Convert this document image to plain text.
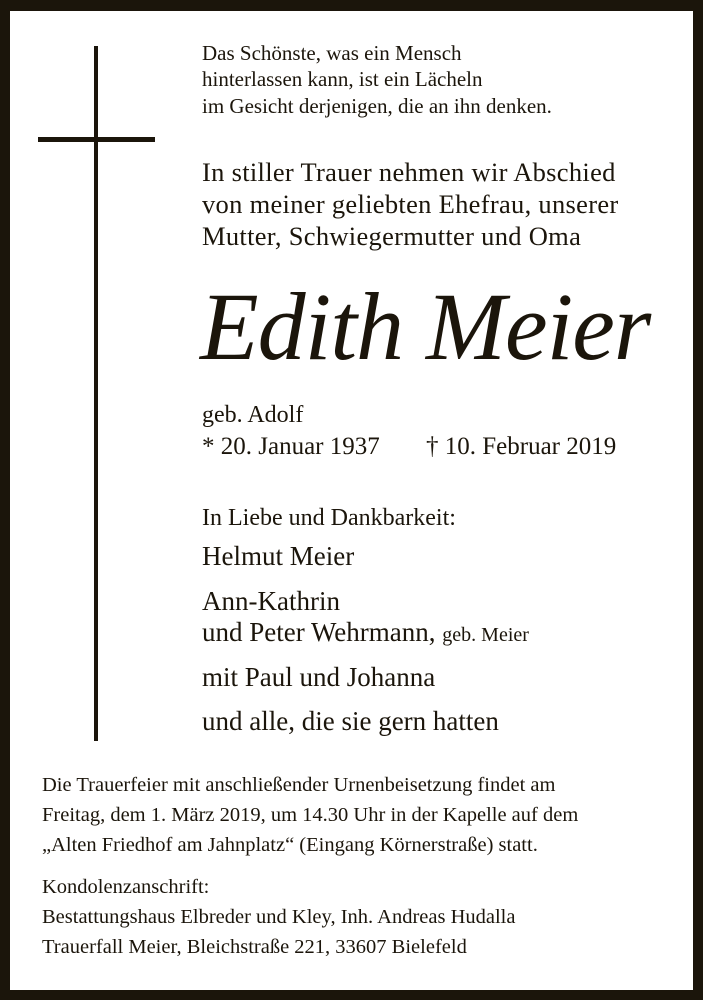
Das Schönste, was ein Mensch
hinterlassen kann, ist ein Lächeln
im Gesicht derjenigen, die an ihn denken.
In stiller Trauer nehmen wir Abschied
von meiner geliebten Ehefrau, unserer
Mutter, Schwiegermutter und Oma
Edith Meier
geb. Adolf
* 20. Januar 1937 † 10. Februar 2019
In Liebe und Dankbarkeit:
Helmut Meier
Ann-Kathrin
und Peter Wehrmann, geb. Meier
mit Paul und Johanna
und alle, die sie gern hatten
Die Trauerfeier mit anschließender Urnenbeisetzung findet am
Freitag, dem 1. März 2019, um 14.30 Uhr in der Kapelle auf dem
„Alten Friedhof am Jahnplatz“ (Eingang Körnerstraße) statt.
Kondolenzanschrift:
Bestattungshaus Elbreder und Kley, Inh. Andreas Hudalla
Trauerfall Meier, Bleichstraße 221, 33607 Bielefeld
